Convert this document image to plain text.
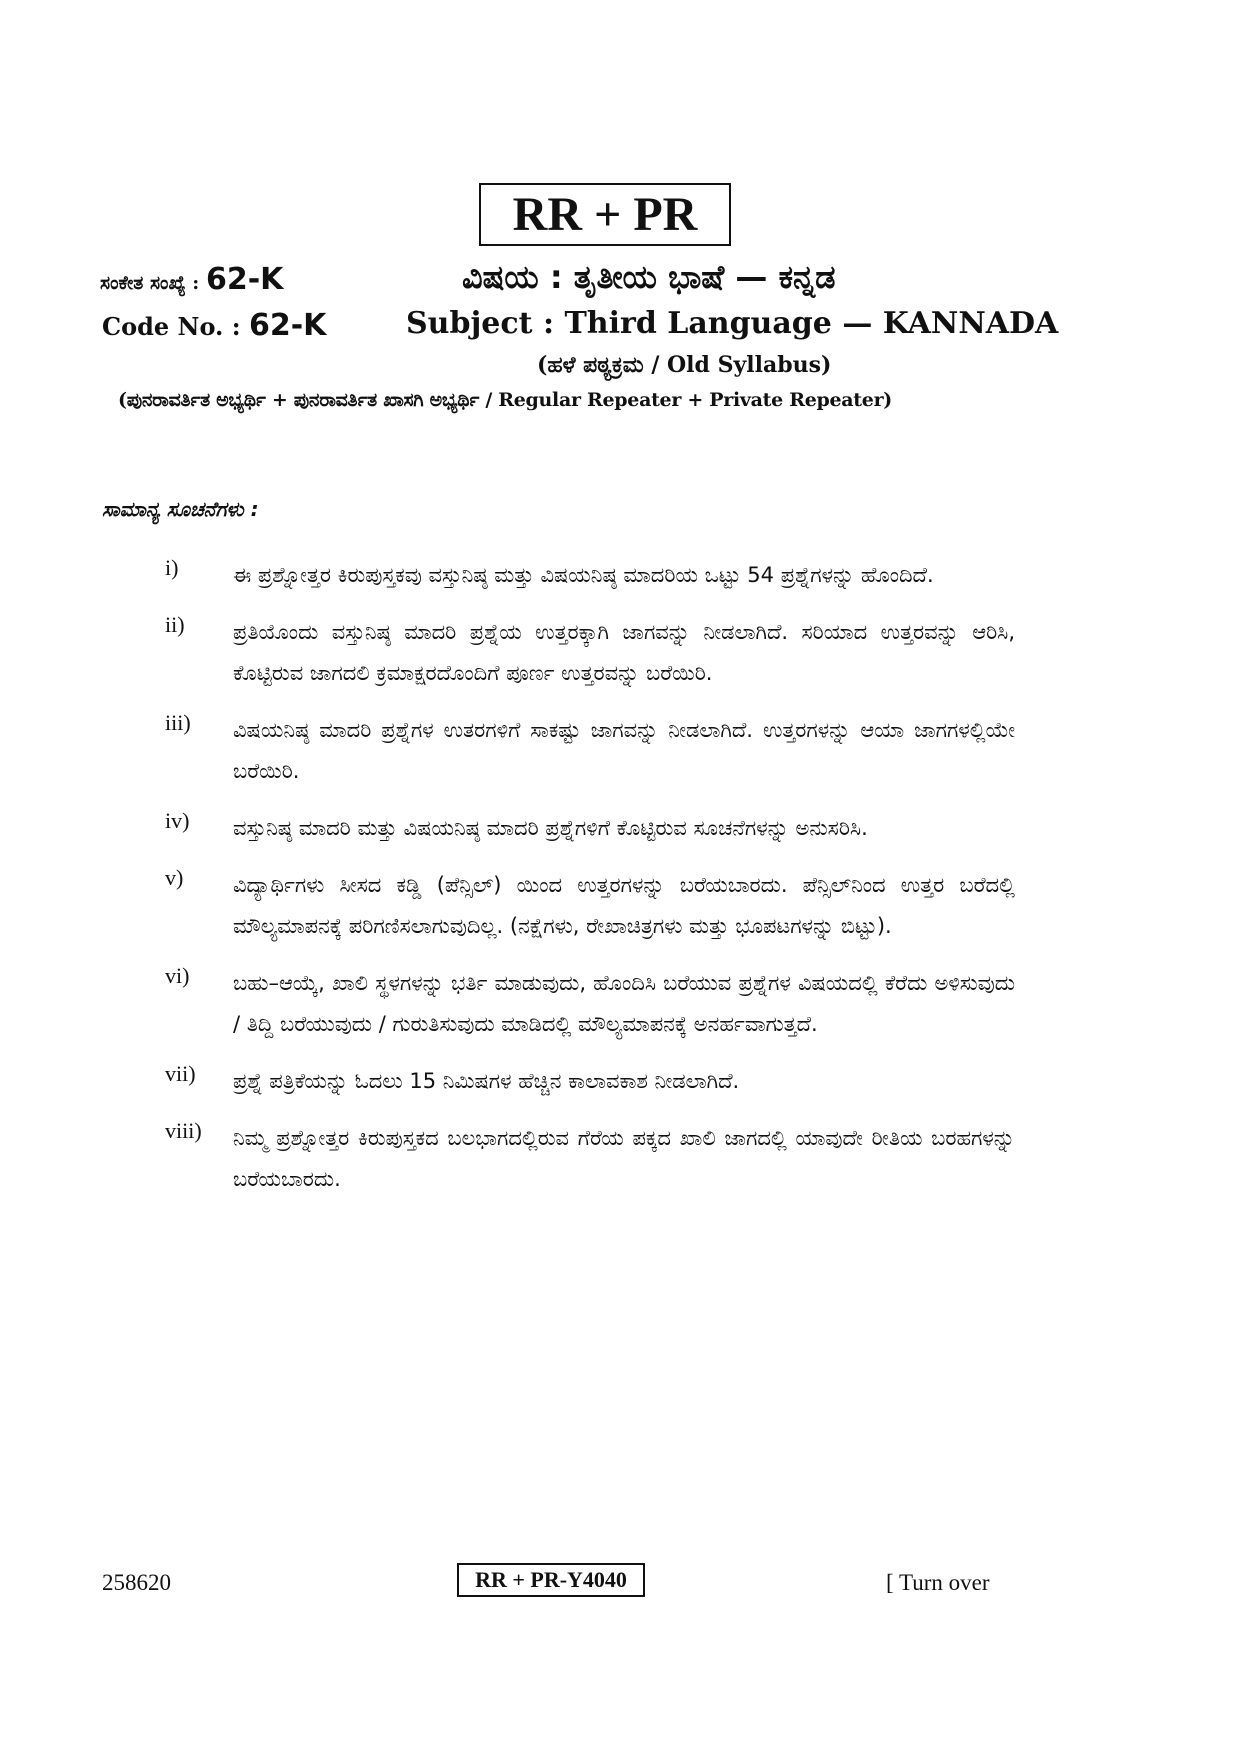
RR + PR
ಸಂಕೇತ ಸಂಖ್ಯೆ : 62-K	ವಿಷಯ : ತೃತೀಯ ಭಾಷೆ — ಕನ್ನಡ
Code No. : 62-K	Subject : Third Language — KANNADA
(ಹಳೆ ಪಠ್ಯಕ್ರಮ / Old Syllabus)
(ಪುನರಾವರ್ತಿತ ಅಭ್ಯರ್ಥಿ + ಪುನರಾವರ್ತಿತ ಖಾಸಗಿ ಅಭ್ಯರ್ಥಿ / Regular Repeater + Private Repeater)
ಸಾಮಾನ್ಯ ಸೂಚನೆಗಳು :
i)	ಈ ಪ್ರಶ್ನೋತ್ತರ ಕಿರುಪುಸ್ತಕವು ವಸ್ತುನಿಷ್ಠ ಮತ್ತು ವಿಷಯನಿಷ್ಠ ಮಾದರಿಯ ಒಟ್ಟು 54 ಪ್ರಶ್ನೆಗಳನ್ನು ಹೊಂದಿದೆ.
ii)	ಪ್ರತಿಯೊಂದು ವಸ್ತುನಿಷ್ಠ ಮಾದರಿ ಪ್ರಶ್ನೆಯ ಉತ್ತರಕ್ಕಾಗಿ ಜಾಗವನ್ನು ನೀಡಲಾಗಿದೆ. ಸರಿಯಾದ ಉತ್ತರವನ್ನು ಆರಿಸಿ, ಕೊಟ್ಟಿರುವ ಜಾಗದಲಿ ಕ್ರಮಾಕ್ಷರದೊಂದಿಗೆ ಪೂರ್ಣ ಉತ್ತರವನ್ನು ಬರೆಯಿರಿ.
iii)	ವಿಷಯನಿಷ್ಠ ಮಾದರಿ ಪ್ರಶ್ನೆಗಳ ಉತರಗಳಿಗೆ ಸಾಕಷ್ಟು ಜಾಗವನ್ನು ನೀಡಲಾಗಿದೆ. ಉತ್ತರಗಳನ್ನು ಆಯಾ ಜಾಗಗಳಲ್ಲಿಯೇ ಬರೆಯಿರಿ.
iv)	ವಸ್ತುನಿಷ್ಠ ಮಾದರಿ ಮತ್ತು ವಿಷಯನಿಷ್ಠ ಮಾದರಿ ಪ್ರಶ್ನೆಗಳಿಗೆ ಕೊಟ್ಟಿರುವ ಸೂಚನೆಗಳನ್ನು ಅನುಸರಿಸಿ.
v)	ವಿದ್ಯಾರ್ಥಿಗಳು ಸೀಸದ ಕಡ್ಡಿ (ಪೆನ್ಸಿಲ್) ಯಿಂದ ಉತ್ತರಗಳನ್ನು ಬರೆಯಬಾರದು. ಪೆನ್ಸಿಲ್‌ನಿಂದ ಉತ್ತರ ಬರೆದಲ್ಲಿ ಮೌಲ್ಯಮಾಪನಕ್ಕೆ ಪರಿಗಣಿಸಲಾಗುವುದಿಲ್ಲ. (ನಕ್ಷೆಗಳು, ರೇಖಾಚಿತ್ರಗಳು ಮತ್ತು ಭೂಪಟಗಳನ್ನು ಬಿಟ್ಟು).
vi)	ಬಹು–ಆಯ್ಕೆ, ಖಾಲಿ ಸ್ಥಳಗಳನ್ನು ಭರ್ತಿ ಮಾಡುವುದು, ಹೊಂದಿಸಿ ಬರೆಯುವ ಪ್ರಶ್ನೆಗಳ ವಿಷಯದಲ್ಲಿ ಕೆರೆದು ಅಳಿಸುವುದು / ತಿದ್ದಿ ಬರೆಯುವುದು / ಗುರುತಿಸುವುದು ಮಾಡಿದಲ್ಲಿ ಮೌಲ್ಯಮಾಪನಕ್ಕೆ ಅನರ್ಹವಾಗುತ್ತದೆ.
vii)	ಪ್ರಶ್ನೆ ಪತ್ರಿಕೆಯನ್ನು ಓದಲು 15 ನಿಮಿಷಗಳ ಹೆಚ್ಚಿನ ಕಾಲಾವಕಾಶ ನೀಡಲಾಗಿದೆ.
viii)	ನಿಮ್ಮ ಪ್ರಶ್ನೋತ್ತರ ಕಿರುಪುಸ್ತಕದ ಬಲಭಾಗದಲ್ಲಿರುವ ಗೆರೆಯ ಪಕ್ಕದ ಖಾಲಿ ಜಾಗದಲ್ಲಿ ಯಾವುದೇ ರೀತಿಯ ಬರಹಗಳನ್ನು ಬರೆಯಬಾರದು.
258620	RR + PR-Y4040	[ Turn over
